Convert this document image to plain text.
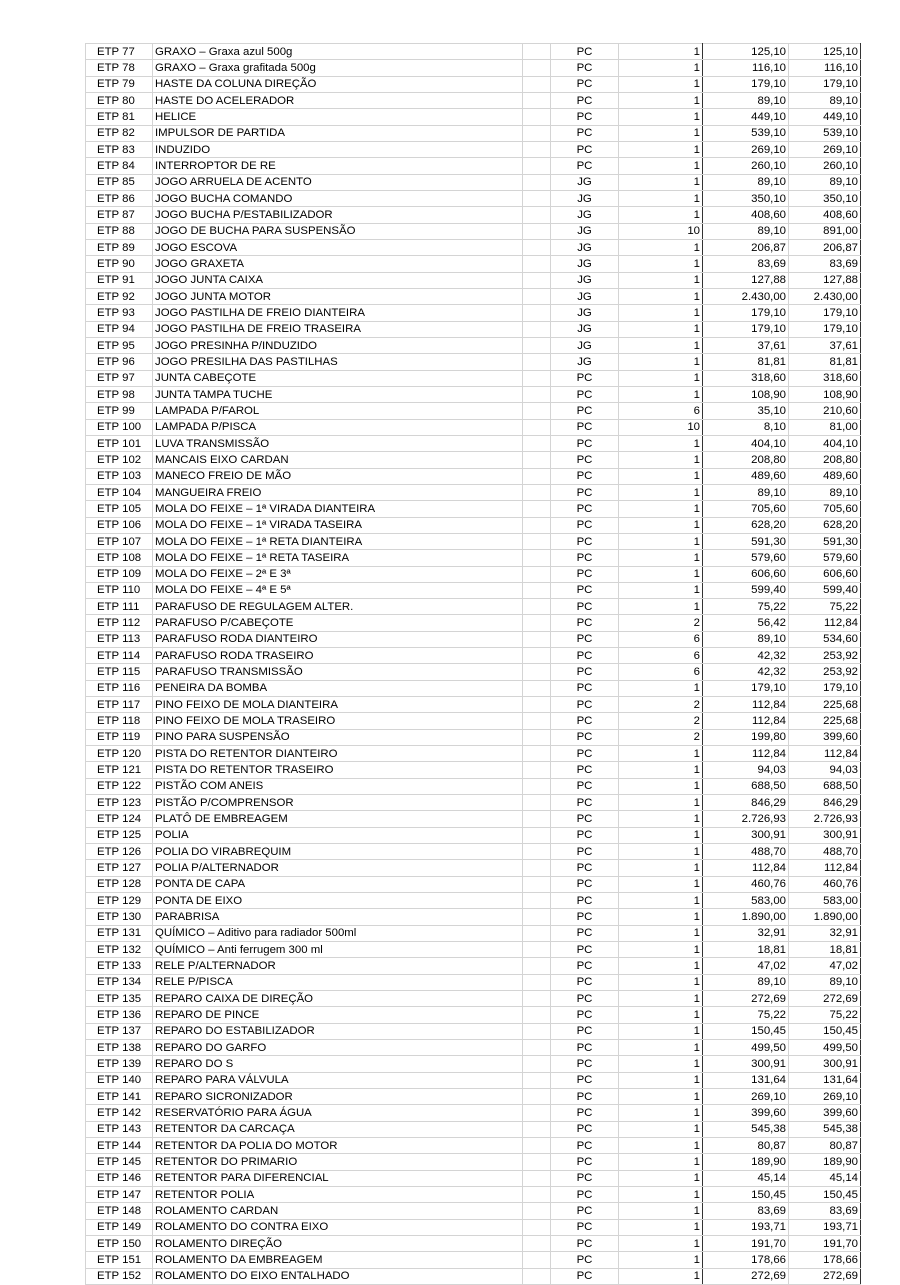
ETP 77	GRAXO – Graxa azul 500g		PC	1	125,10	125,10
ETP 78	GRAXO – Graxa grafitada 500g		PC	1	116,10	116,10
ETP 79	HASTE DA COLUNA DIREÇÃO		PC	1	179,10	179,10
ETP 80	HASTE DO ACELERADOR		PC	1	89,10	89,10
ETP 81	HELICE		PC	1	449,10	449,10
ETP 82	IMPULSOR DE PARTIDA		PC	1	539,10	539,10
ETP 83	INDUZIDO		PC	1	269,10	269,10
ETP 84	INTERROPTOR DE RE		PC	1	260,10	260,10
ETP 85	JOGO ARRUELA DE ACENTO		JG	1	89,10	89,10
ETP 86	JOGO BUCHA COMANDO		JG	1	350,10	350,10
ETP 87	JOGO BUCHA P/ESTABILIZADOR		JG	1	408,60	408,60
ETP 88	JOGO DE BUCHA PARA SUSPENSÃO		JG	10	89,10	891,00
ETP 89	JOGO ESCOVA		JG	1	206,87	206,87
ETP 90	JOGO GRAXETA		JG	1	83,69	83,69
ETP 91	JOGO JUNTA CAIXA		JG	1	127,88	127,88
ETP 92	JOGO JUNTA MOTOR		JG	1	2.430,00	2.430,00
ETP 93	JOGO PASTILHA DE FREIO DIANTEIRA		JG	1	179,10	179,10
ETP 94	JOGO PASTILHA DE FREIO TRASEIRA		JG	1	179,10	179,10
ETP 95	JOGO PRESINHA P/INDUZIDO		JG	1	37,61	37,61
ETP 96	JOGO PRESILHA DAS PASTILHAS		JG	1	81,81	81,81
ETP 97	JUNTA CABEÇOTE		PC	1	318,60	318,60
ETP 98	JUNTA TAMPA TUCHE		PC	1	108,90	108,90
ETP 99	LAMPADA P/FAROL		PC	6	35,10	210,60
ETP 100	LAMPADA P/PISCA		PC	10	8,10	81,00
ETP 101	LUVA TRANSMISSÃO		PC	1	404,10	404,10
ETP 102	MANCAIS EIXO CARDAN		PC	1	208,80	208,80
ETP 103	MANECO FREIO DE MÃO		PC	1	489,60	489,60
ETP 104	MANGUEIRA FREIO		PC	1	89,10	89,10
ETP 105	MOLA DO FEIXE – 1ª VIRADA DIANTEIRA		PC	1	705,60	705,60
ETP 106	MOLA DO FEIXE – 1ª VIRADA TASEIRA		PC	1	628,20	628,20
ETP 107	MOLA DO FEIXE – 1ª RETA DIANTEIRA		PC	1	591,30	591,30
ETP 108	MOLA DO FEIXE – 1ª RETA TASEIRA		PC	1	579,60	579,60
ETP 109	MOLA DO FEIXE – 2ª E 3ª		PC	1	606,60	606,60
ETP 110	MOLA DO FEIXE – 4ª E 5ª		PC	1	599,40	599,40
ETP 111	PARAFUSO DE REGULAGEM ALTER.		PC	1	75,22	75,22
ETP 112	PARAFUSO P/CABEÇOTE		PC	2	56,42	112,84
ETP 113	PARAFUSO RODA DIANTEIRO		PC	6	89,10	534,60
ETP 114	PARAFUSO RODA TRASEIRO		PC	6	42,32	253,92
ETP 115	PARAFUSO TRANSMISSÃO		PC	6	42,32	253,92
ETP 116	PENEIRA DA BOMBA		PC	1	179,10	179,10
ETP 117	PINO FEIXO DE MOLA DIANTEIRA		PC	2	112,84	225,68
ETP 118	PINO FEIXO DE MOLA TRASEIRO		PC	2	112,84	225,68
ETP 119	PINO PARA SUSPENSÃO		PC	2	199,80	399,60
ETP 120	PISTA DO RETENTOR DIANTEIRO		PC	1	112,84	112,84
ETP 121	PISTA DO RETENTOR TRASEIRO		PC	1	94,03	94,03
ETP 122	PISTÃO COM ANEIS		PC	1	688,50	688,50
ETP 123	PISTÃO P/COMPRENSOR		PC	1	846,29	846,29
ETP 124	PLATÔ DE EMBREAGEM		PC	1	2.726,93	2.726,93
ETP 125	POLIA		PC	1	300,91	300,91
ETP 126	POLIA DO VIRABREQUIM		PC	1	488,70	488,70
ETP 127	POLIA P/ALTERNADOR		PC	1	112,84	112,84
ETP 128	PONTA DE CAPA		PC	1	460,76	460,76
ETP 129	PONTA DE EIXO		PC	1	583,00	583,00
ETP 130	PARABRISA		PC	1	1.890,00	1.890,00
ETP 131	QUÍMICO – Aditivo para radiador 500ml		PC	1	32,91	32,91
ETP 132	QUÍMICO – Anti ferrugem 300 ml		PC	1	18,81	18,81
ETP 133	RELE P/ALTERNADOR		PC	1	47,02	47,02
ETP 134	RELE P/PISCA		PC	1	89,10	89,10
ETP 135	REPARO CAIXA DE DIREÇÃO		PC	1	272,69	272,69
ETP 136	REPARO DE PINCE		PC	1	75,22	75,22
ETP 137	REPARO DO ESTABILIZADOR		PC	1	150,45	150,45
ETP 138	REPARO DO GARFO		PC	1	499,50	499,50
ETP 139	REPARO DO S		PC	1	300,91	300,91
ETP 140	REPARO PARA VÁLVULA		PC	1	131,64	131,64
ETP 141	REPARO SICRONIZADOR		PC	1	269,10	269,10
ETP 142	RESERVATÓRIO PARA ÁGUA		PC	1	399,60	399,60
ETP 143	RETENTOR DA CARCAÇA		PC	1	545,38	545,38
ETP 144	RETENTOR DA POLIA DO MOTOR		PC	1	80,87	80,87
ETP 145	RETENTOR DO PRIMARIO		PC	1	189,90	189,90
ETP 146	RETENTOR PARA DIFERENCIAL		PC	1	45,14	45,14
ETP 147	RETENTOR POLIA		PC	1	150,45	150,45
ETP 148	ROLAMENTO CARDAN		PC	1	83,69	83,69
ETP 149	ROLAMENTO DO CONTRA EIXO		PC	1	193,71	193,71
ETP 150	ROLAMENTO DIREÇÃO		PC	1	191,70	191,70
ETP 151	ROLAMENTO DA EMBREAGEM		PC	1	178,66	178,66
ETP 152	ROLAMENTO DO EIXO ENTALHADO		PC	1	272,69	272,69
